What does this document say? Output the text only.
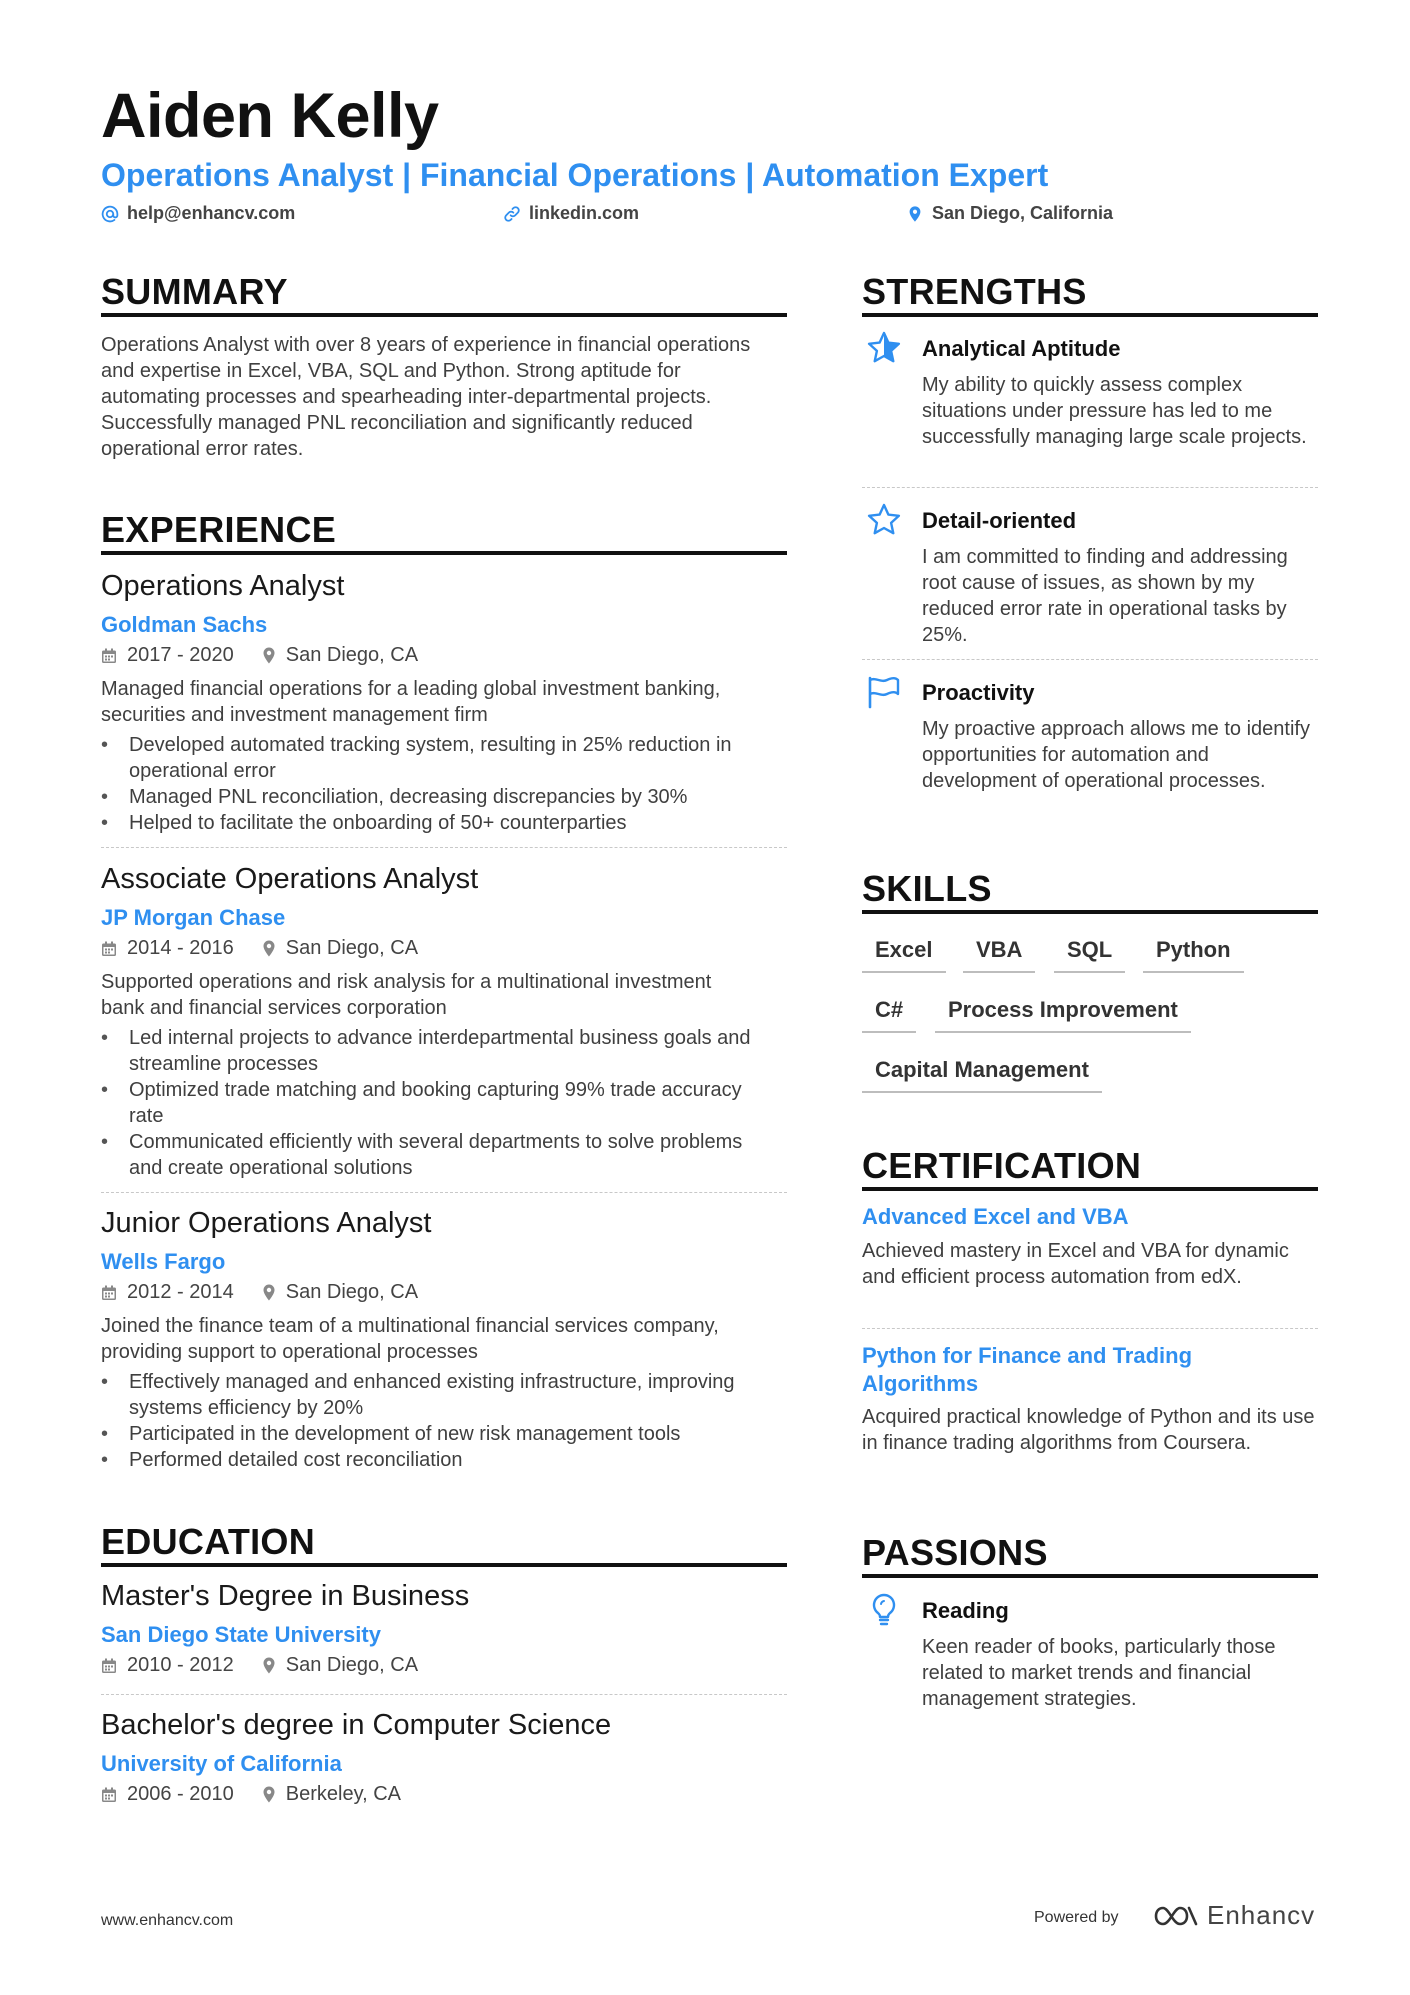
Aiden Kelly
Operations Analyst | Financial Operations | Automation Expert
help@enhancv.com	linkedin.com	San Diego, California
SUMMARY
Operations Analyst with over 8 years of experience in financial operations and expertise in Excel, VBA, SQL and Python. Strong aptitude for automating processes and spearheading inter-departmental projects. Successfully managed PNL reconciliation and significantly reduced operational error rates.
EXPERIENCE
Operations Analyst
Goldman Sachs
2017 - 2020	San Diego, CA
Managed financial operations for a leading global investment banking, securities and investment management firm
• Developed automated tracking system, resulting in 25% reduction in operational error
• Managed PNL reconciliation, decreasing discrepancies by 30%
• Helped to facilitate the onboarding of 50+ counterparties
Associate Operations Analyst
JP Morgan Chase
2014 - 2016	San Diego, CA
Supported operations and risk analysis for a multinational investment bank and financial services corporation
• Led internal projects to advance interdepartmental business goals and streamline processes
• Optimized trade matching and booking capturing 99% trade accuracy rate
• Communicated efficiently with several departments to solve problems and create operational solutions
Junior Operations Analyst
Wells Fargo
2012 - 2014	San Diego, CA
Joined the finance team of a multinational financial services company, providing support to operational processes
• Effectively managed and enhanced existing infrastructure, improving systems efficiency by 20%
• Participated in the development of new risk management tools
• Performed detailed cost reconciliation
EDUCATION
Master's Degree in Business
San Diego State University
2010 - 2012	San Diego, CA
Bachelor's degree in Computer Science
University of California
2006 - 2010	Berkeley, CA
STRENGTHS
Analytical Aptitude
My ability to quickly assess complex situations under pressure has led to me successfully managing large scale projects.
Detail-oriented
I am committed to finding and addressing root cause of issues, as shown by my reduced error rate in operational tasks by 25%.
Proactivity
My proactive approach allows me to identify opportunities for automation and development of operational processes.
SKILLS
Excel	VBA	SQL	Python
C#	Process Improvement
Capital Management
CERTIFICATION
Advanced Excel and VBA
Achieved mastery in Excel and VBA for dynamic and efficient process automation from edX.
Python for Finance and Trading Algorithms
Acquired practical knowledge of Python and its use in finance trading algorithms from Coursera.
PASSIONS
Reading
Keen reader of books, particularly those related to market trends and financial management strategies.
www.enhancv.com	Powered by	Enhancv
